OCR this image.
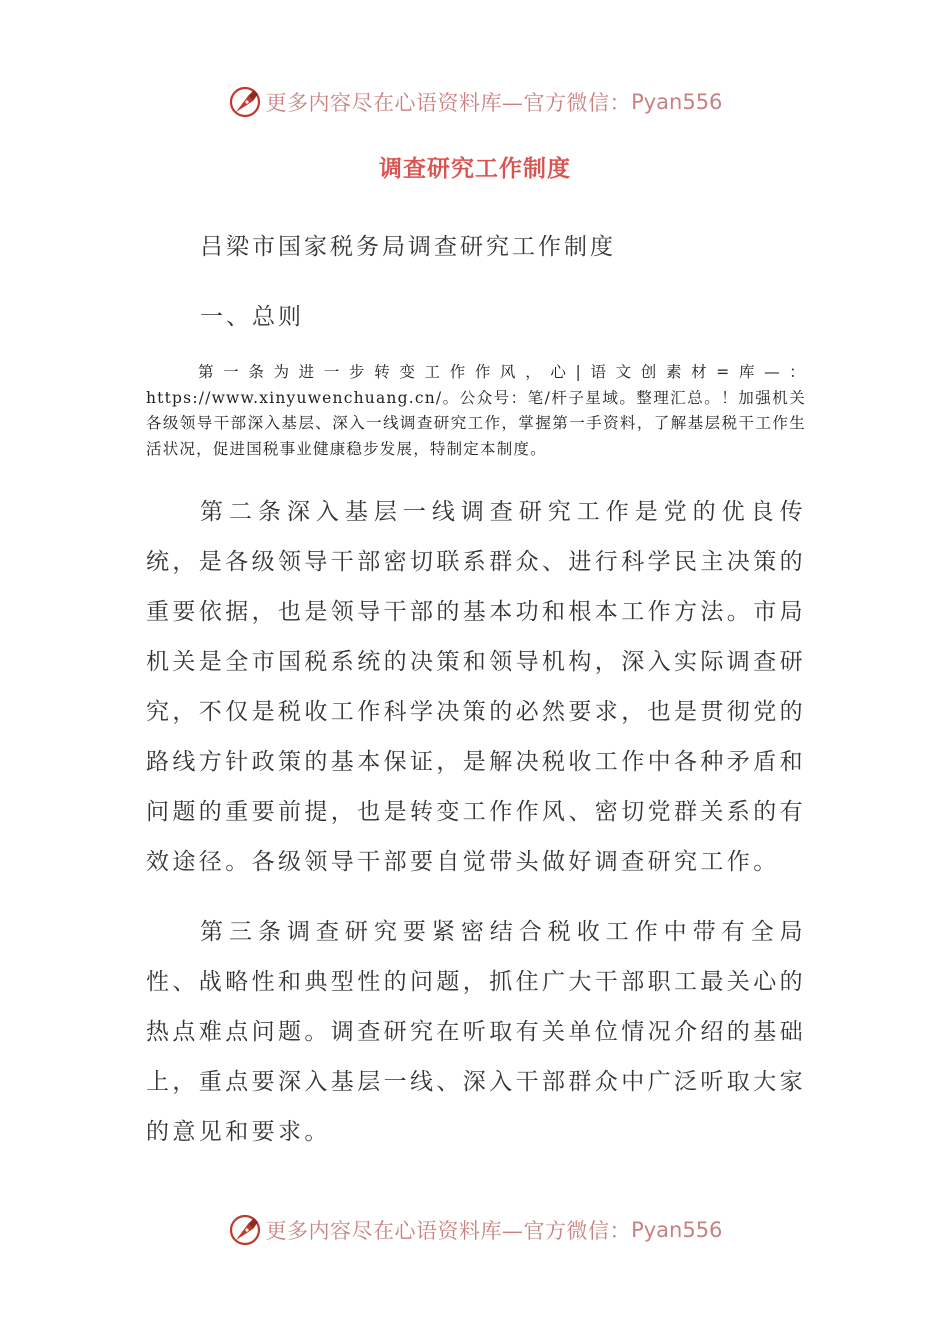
更多内容尽在心语资料库—官方微信： Pyan556
调查研究工作制度
吕梁市国家税务局调查研究工作制度
一、总则
第一条为进一步转变工作作风，心|语文创素材=库—：https://www.xinyuwenchuang.cn/。公众号：笔/杆子星域。整理汇总。！加强机关各级领导干部深入基层、深入一线调查研究工作，掌握第一手资料，了解基层税干工作生活状况，促进国税事业健康稳步发展，特制定本制度。
第二条深入基层一线调查研究工作是党的优良传统，是各级领导干部密切联系群众、进行科学民主决策的重要依据，也是领导干部的基本功和根本工作方法。市局机关是全市国税系统的决策和领导机构，深入实际调查研究，不仅是税收工作科学决策的必然要求，也是贯彻党的路线方针政策的基本保证，是解决税收工作中各种矛盾和问题的重要前提，也是转变工作作风、密切党群关系的有效途径。各级领导干部要自觉带头做好调查研究工作。
第三条调查研究要紧密结合税收工作中带有全局性、战略性和典型性的问题，抓住广大干部职工最关心的热点难点问题。调查研究在听取有关单位情况介绍的基础上，重点要深入基层一线、深入干部群众中广泛听取大家的意见和要求。
更多内容尽在心语资料库—官方微信： Pyan556
